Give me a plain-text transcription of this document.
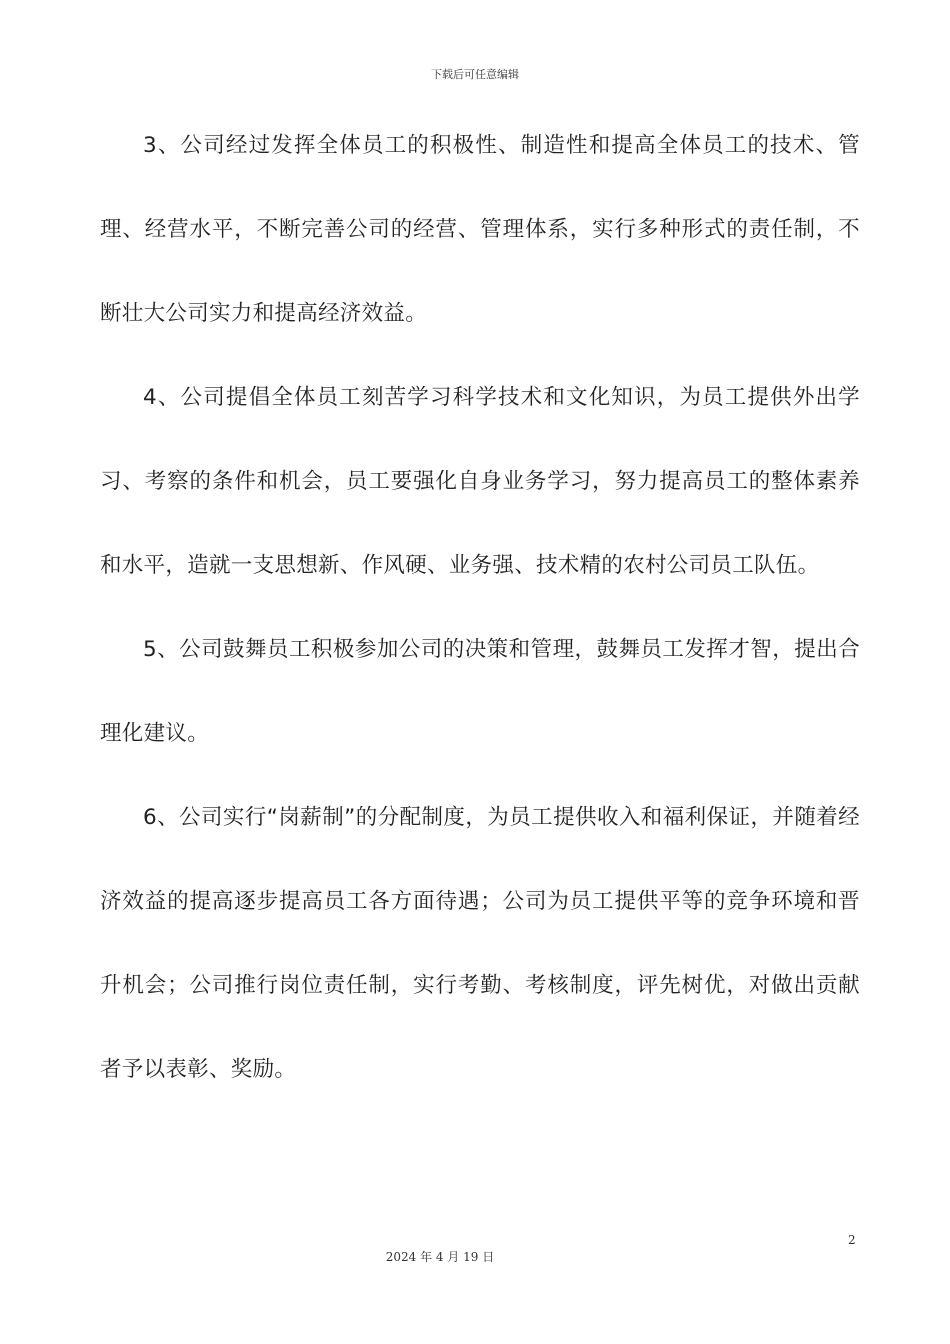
下载后可任意编辑

3、公司经过发挥全体员工的积极性、制造性和提高全体员工的技术、管理、经营水平，不断完善公司的经营、管理体系，实行多种形式的责任制，不断壮大公司实力和提高经济效益。

4、公司提倡全体员工刻苦学习科学技术和文化知识，为员工提供外出学习、考察的条件和机会，员工要强化自身业务学习，努力提高员工的整体素养和水平，造就一支思想新、作风硬、业务强、技术精的农村公司员工队伍。

5、公司鼓舞员工积极参加公司的决策和管理，鼓舞员工发挥才智，提出合理化建议。

6、公司实行“岗薪制”的分配制度，为员工提供收入和福利保证，并随着经济效益的提高逐步提高员工各方面待遇；公司为员工提供平等的竞争环境和晋升机会；公司推行岗位责任制，实行考勤、考核制度，评先树优，对做出贡献者予以表彰、奖励。

2
2024 年 4 月 19 日
